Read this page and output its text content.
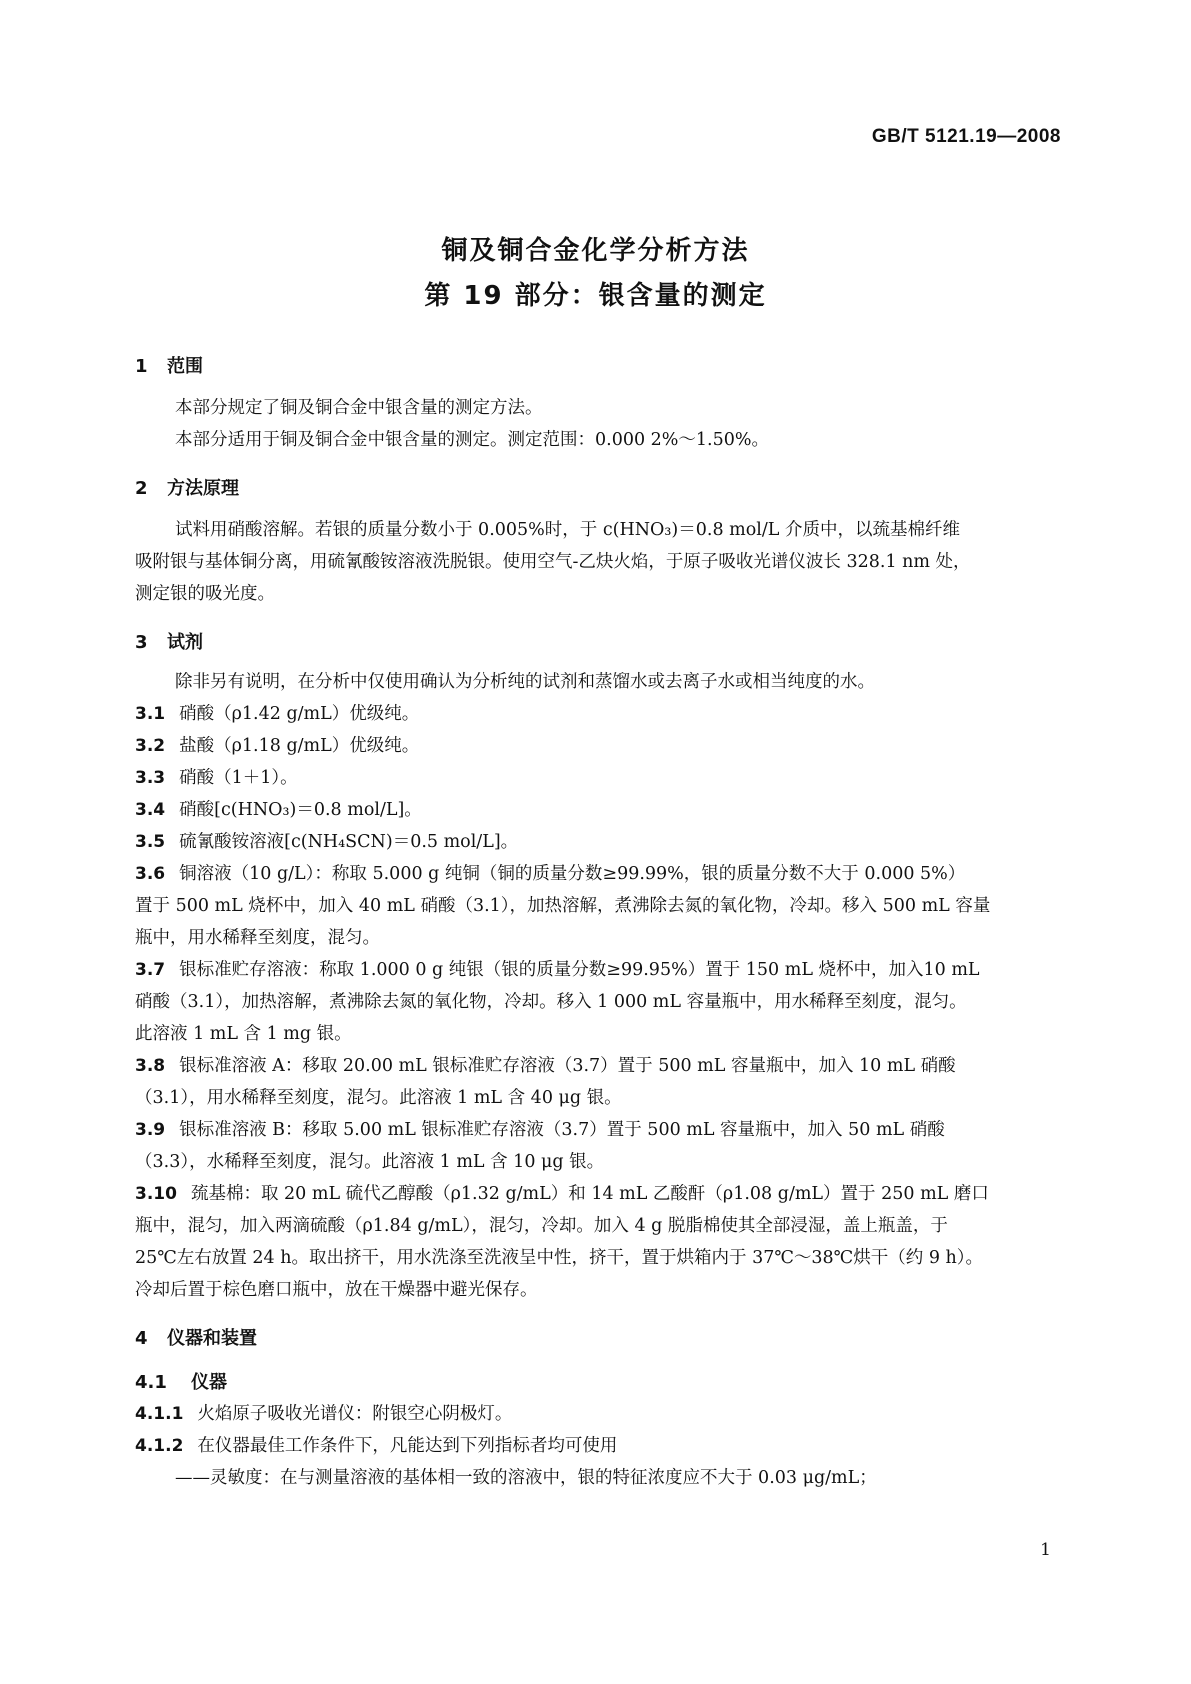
GB/T 5121.19—2008
铜及铜合金化学分析方法
第 19 部分：银含量的测定
1 范围
本部分规定了铜及铜合金中银含量的测定方法。
本部分适用于铜及铜合金中银含量的测定。测定范围：0.000 2%～1.50%。
2 方法原理
试料用硝酸溶解。若银的质量分数小于 0.005%时，于 c(HNO₃)＝0.8 mol/L 介质中，以巯基棉纤维
吸附银与基体铜分离，用硫氰酸铵溶液洗脱银。使用空气-乙炔火焰，于原子吸收光谱仪波长 328.1 nm 处，
测定银的吸光度。
3 试剂
除非另有说明，在分析中仅使用确认为分析纯的试剂和蒸馏水或去离子水或相当纯度的水。
3.1 硝酸（ρ1.42 g/mL）优级纯。
3.2 盐酸（ρ1.18 g/mL）优级纯。
3.3 硝酸（1＋1）。
3.4 硝酸[c(HNO₃)＝0.8 mol/L]。
3.5 硫氰酸铵溶液[c(NH₄SCN)＝0.5 mol/L]。
3.6 铜溶液（10 g/L）：称取 5.000 g 纯铜（铜的质量分数≥99.99%，银的质量分数不大于 0.000 5%）
置于 500 mL 烧杯中，加入 40 mL 硝酸（3.1），加热溶解，煮沸除去氮的氧化物，冷却。移入 500 mL 容量
瓶中，用水稀释至刻度，混匀。
3.7 银标准贮存溶液：称取 1.000 0 g 纯银（银的质量分数≥99.95%）置于 150 mL 烧杯中，加入10 mL
硝酸（3.1），加热溶解，煮沸除去氮的氧化物，冷却。移入 1 000 mL 容量瓶中，用水稀释至刻度，混匀。
此溶液 1 mL 含 1 mg 银。
3.8 银标准溶液 A：移取 20.00 mL 银标准贮存溶液（3.7）置于 500 mL 容量瓶中，加入 10 mL 硝酸
（3.1），用水稀释至刻度，混匀。此溶液 1 mL 含 40 μg 银。
3.9 银标准溶液 B：移取 5.00 mL 银标准贮存溶液（3.7）置于 500 mL 容量瓶中，加入 50 mL 硝酸
（3.3），水稀释至刻度，混匀。此溶液 1 mL 含 10 μg 银。
3.10 巯基棉：取 20 mL 硫代乙醇酸（ρ1.32 g/mL）和 14 mL 乙酸酐（ρ1.08 g/mL）置于 250 mL 磨口
瓶中，混匀，加入两滴硫酸（ρ1.84 g/mL），混匀，冷却。加入 4 g 脱脂棉使其全部浸湿，盖上瓶盖，于
25℃左右放置 24 h。取出挤干，用水洗涤至洗液呈中性，挤干，置于烘箱内于 37℃～38℃烘干（约 9 h）。
冷却后置于棕色磨口瓶中，放在干燥器中避光保存。
4 仪器和装置
4.1 仪器
4.1.1 火焰原子吸收光谱仪：附银空心阴极灯。
4.1.2 在仪器最佳工作条件下，凡能达到下列指标者均可使用
——灵敏度：在与测量溶液的基体相一致的溶液中，银的特征浓度应不大于 0.03 μg/mL；
1
